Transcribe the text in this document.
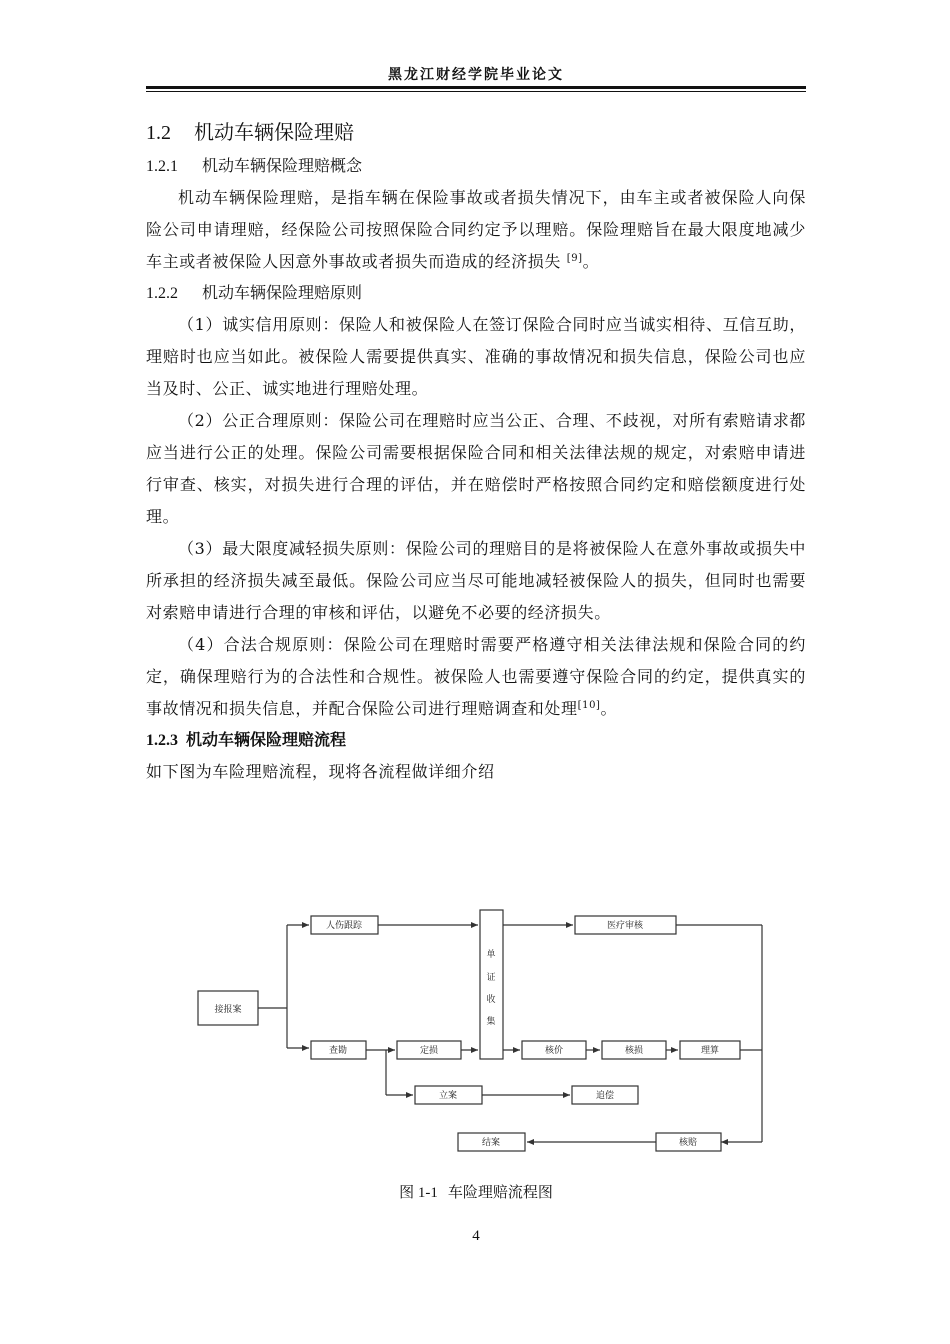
黑龙江财经学院毕业论文
1.2 机动车辆保险理赔
1.2.1 机动车辆保险理赔概念

机动车辆保险理赔，是指车辆在保险事故或者损失情况下，由车主或者被保险人向保险公司申请理赔，经保险公司按照保险合同约定予以理赔。保险理赔旨在最大限度地减少车主或者被保险人因意外事故或者损失而造成的经济损失 [9]。

1.2.2 机动车辆保险理赔原则

（1）诚实信用原则：保险人和被保险人在签订保险合同时应当诚实相待、互信互助，理赔时也应当如此。被保险人需要提供真实、准确的事故情况和损失信息，保险公司也应当及时、公正、诚实地进行理赔处理。

（2）公正合理原则：保险公司在理赔时应当公正、合理、不歧视，对所有索赔请求都应当进行公正的处理。保险公司需要根据保险合同和相关法律法规的规定，对索赔申请进行审查、核实，对损失进行合理的评估，并在赔偿时严格按照合同约定和赔偿额度进行处理。

（3）最大限度减轻损失原则：保险公司的理赔目的是将被保险人在意外事故或损失中所承担的经济损失减至最低。保险公司应当尽可能地减轻被保险人的损失，但同时也需要对索赔申请进行合理的审核和评估，以避免不必要的经济损失。

（4）合法合规原则：保险公司在理赔时需要严格遵守相关法律法规和保险合同的约定，确保理赔行为的合法性和合规性。被保险人也需要遵守保险合同的约定，提供真实的事故情况和损失信息，并配合保险公司进行理赔调查和处理[10]。

1.2.3 机动车辆保险理赔流程

如下图为车险理赔流程，现将各流程做详细介绍

接报案
人伤跟踪
查勘	定损
单
证
收
集
医疗审核
核价	核损	理算
立案	追偿
结案	核赔
图 1-1 车险理赔流程图
4
